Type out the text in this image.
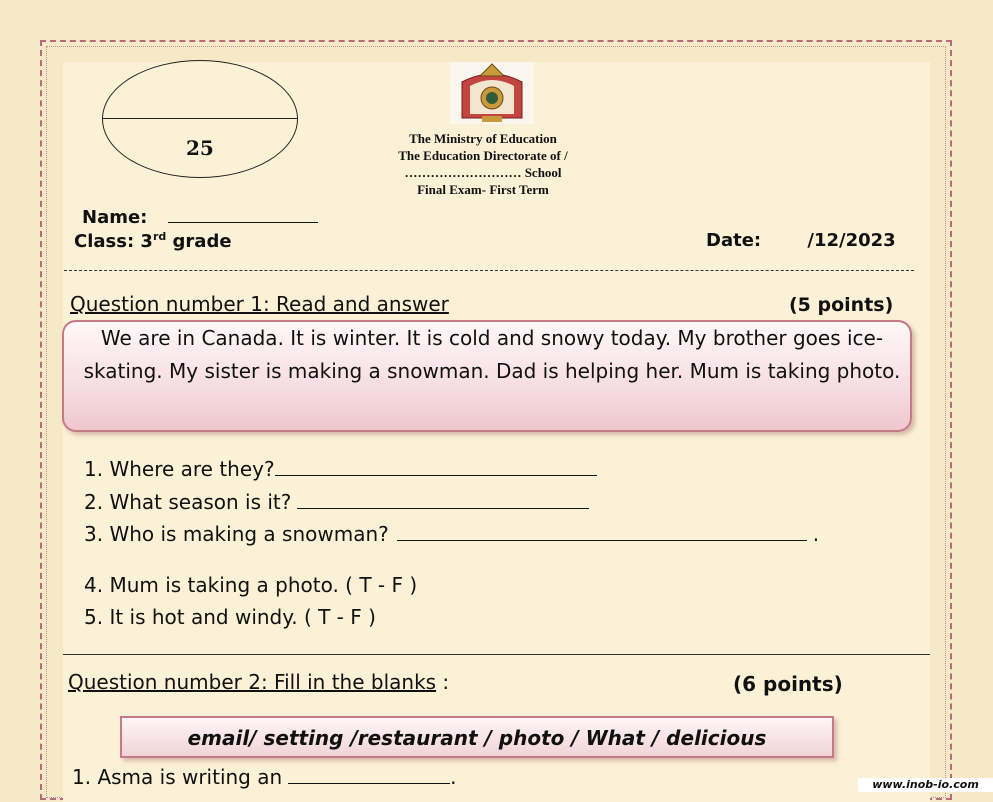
25	The Ministry of Education
The Education Directorate of /
……………………… School
Final Exam- First Term
Name:
Class: 3rd grade	Date:	/12/2023
Question number 1: Read and answer	(5 points)
We are in Canada. It is winter. It is cold and snowy today. My brother goes ice-skating. My sister is making a snowman. Dad is helping her. Mum is taking photo.
1. Where are they?
2. What season is it?
3. Who is making a snowman?	.
4. Mum is taking a photo. ( T - F )
5. It is hot and windy. ( T - F )
Question number 2: Fill in the blanks :	(6 points)
email/ setting /restaurant / photo / What / delicious
1. Asma is writing an	.	www.inob-io.com
